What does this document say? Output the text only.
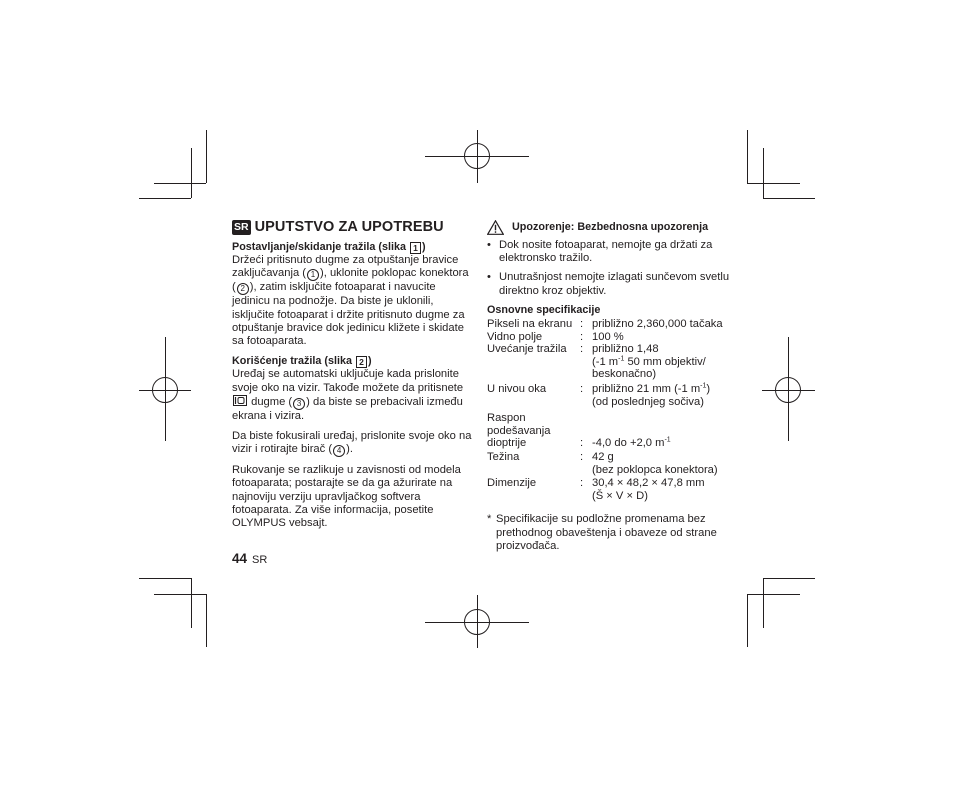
SR UPUTSTVO ZA UPOTREBU
Postavljanje/skidanje tražila (slika 1 )

Držeći pritisnuto dugme za otpuštanje bravice zaključavanja ( 1 ), uklonite poklopac konektora ( 2 ), zatim isključite fotoaparat i navucite jedinicu na podnožje. Da biste je uklonili, isključite fotoaparat i držite pritisnuto dugme za otpuštanje bravice dok jedinicu kližete i skidate sa fotoaparata.

Korišćenje tražila (slika 2 )

Uređaj se automatski uključuje kada prislonite svoje oko na vizir. Takođe možete da pritisnete  dugme ( 3 ) da biste se prebacivali između ekrana i vizira.

Da biste fokusirali uređaj, prislonite svoje oko na vizir i rotirajte birač ( 4 ).

Rukovanje se razlikuje u zavisnosti od modela fotoaparata; postarajte se da ga ažurirate na najnoviju verziju upravljačkog softvera fotoaparata. Za više informacija, posetite OLYMPUS vebsajt.

Upozorenje: Bezbednosna upozorenja
• Dok nosite fotoaparat, nemojte ga držati za elektronsko tražilo.
• Unutrašnjost nemojte izlagati sunčevom svetlu direktno kroz objektiv.
Osnovne specifikacije
Pikseli na ekranu	:	približno 2,360,000 tačaka
Vidno polje	:	100 %
Uvećanje tražila	:	približno 1,48
(-1 $m^{-1}$ 50 mm objektiv/
beskonačno)

U nivou oka	:	približno 21 mm (-1 $m^{-1}$)
(od poslednjeg sočiva)

Raspon podešavanja
dioptrije	:	-4,0 do +2,0 $m^{-1}$
Težina	:	42 g
(bez poklopca konektora)

Dimenzije	:	30,4 × 48,2 × 47,8 mm
(Š × V × D)
* Specifikacije su podložne promenama bez prethodnog obaveštenja i obaveze od strane proizvođača.
44 SR
